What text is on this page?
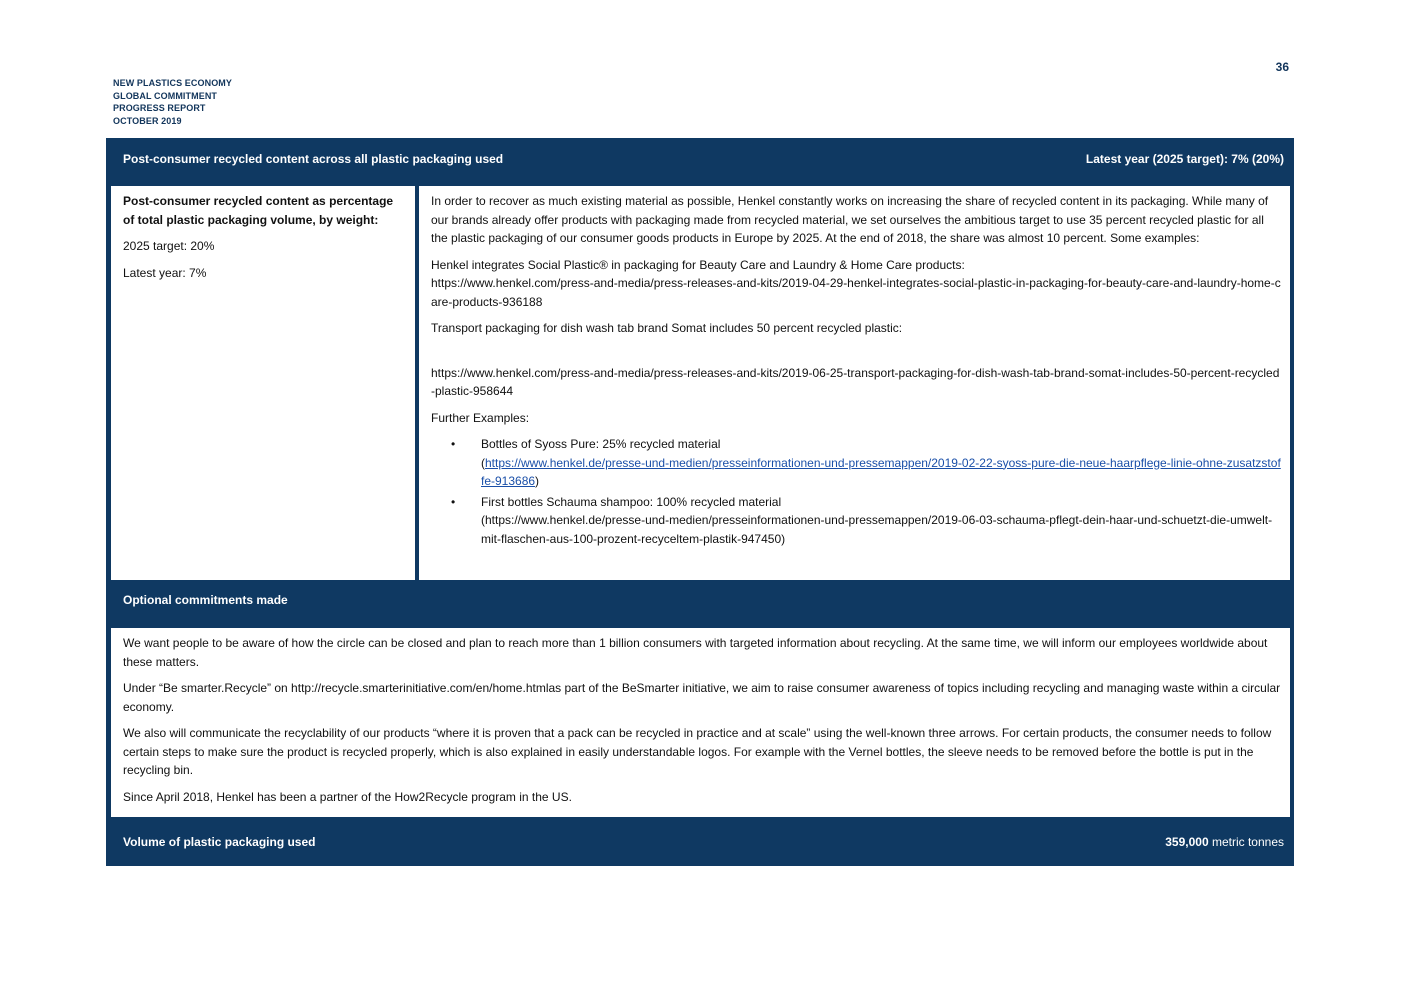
36
NEW PLASTICS ECONOMY
GLOBAL COMMITMENT
PROGRESS REPORT
OCTOBER 2019
Post-consumer recycled content across all plastic packaging used	Latest year (2025 target): 7% (20%)

Post-consumer recycled content as percentage of total plastic packaging volume, by weight:

2025 target: 20%

Latest year: 7%

In order to recover as much existing material as possible, Henkel constantly works on increasing the share of recycled content in its packaging. While many of our brands already offer products with packaging made from recycled material, we set ourselves the ambitious target to use 35 percent recycled plastic for all the plastic packaging of our consumer goods products in Europe by 2025. At the end of 2018, the share was almost 10 percent. Some examples:

Henkel integrates Social Plastic® in packaging for Beauty Care and Laundry & Home Care products:
https://www.henkel.com/press-and-media/press-releases-and-kits/2019-04-29-henkel-integrates-social-plastic-in-packaging-for-beauty-care-and-laundry-home-care-products-936188

Transport packaging for dish wash tab brand Somat includes 50 percent recycled plastic:

https://www.henkel.com/press-and-media/press-releases-and-kits/2019-06-25-transport-packaging-for-dish-wash-tab-brand-somat-includes-50-percent-recycled-plastic-958644

Further Examples:

• Bottles of Syoss Pure: 25% recycled material
(https://www.henkel.de/presse-und-medien/presseinformationen-und-pressemappen/2019-02-22-syoss-pure-die-neue-haarpflege-linie-ohne-zusatzstoffe-913686)
• First bottles Schauma shampoo: 100% recycled material
(https://www.henkel.de/presse-und-medien/presseinformationen-und-pressemappen/2019-06-03-schauma-pflegt-dein-haar-und-schuetzt-die-umwelt-mit-flaschen-aus-100-prozent-recyceltem-plastik-947450)
Optional commitments made

We want people to be aware of how the circle can be closed and plan to reach more than 1 billion consumers with targeted information about recycling. At the same time, we will inform our employees worldwide about these matters.

Under “Be smarter.Recycle” on http://recycle.smarterinitiative.com/en/home.htmlas part of the BeSmarter initiative, we aim to raise consumer awareness of topics including recycling and managing waste within a circular economy.

We also will communicate the recyclability of our products “where it is proven that a pack can be recycled in practice and at scale” using the well-known three arrows. For certain products, the consumer needs to follow certain steps to make sure the product is recycled properly, which is also explained in easily understandable logos. For example with the Vernel bottles, the sleeve needs to be removed before the bottle is put in the recycling bin.

Since April 2018, Henkel has been a partner of the How2Recycle program in the US.

Volume of plastic packaging used	359,000 metric tonnes
